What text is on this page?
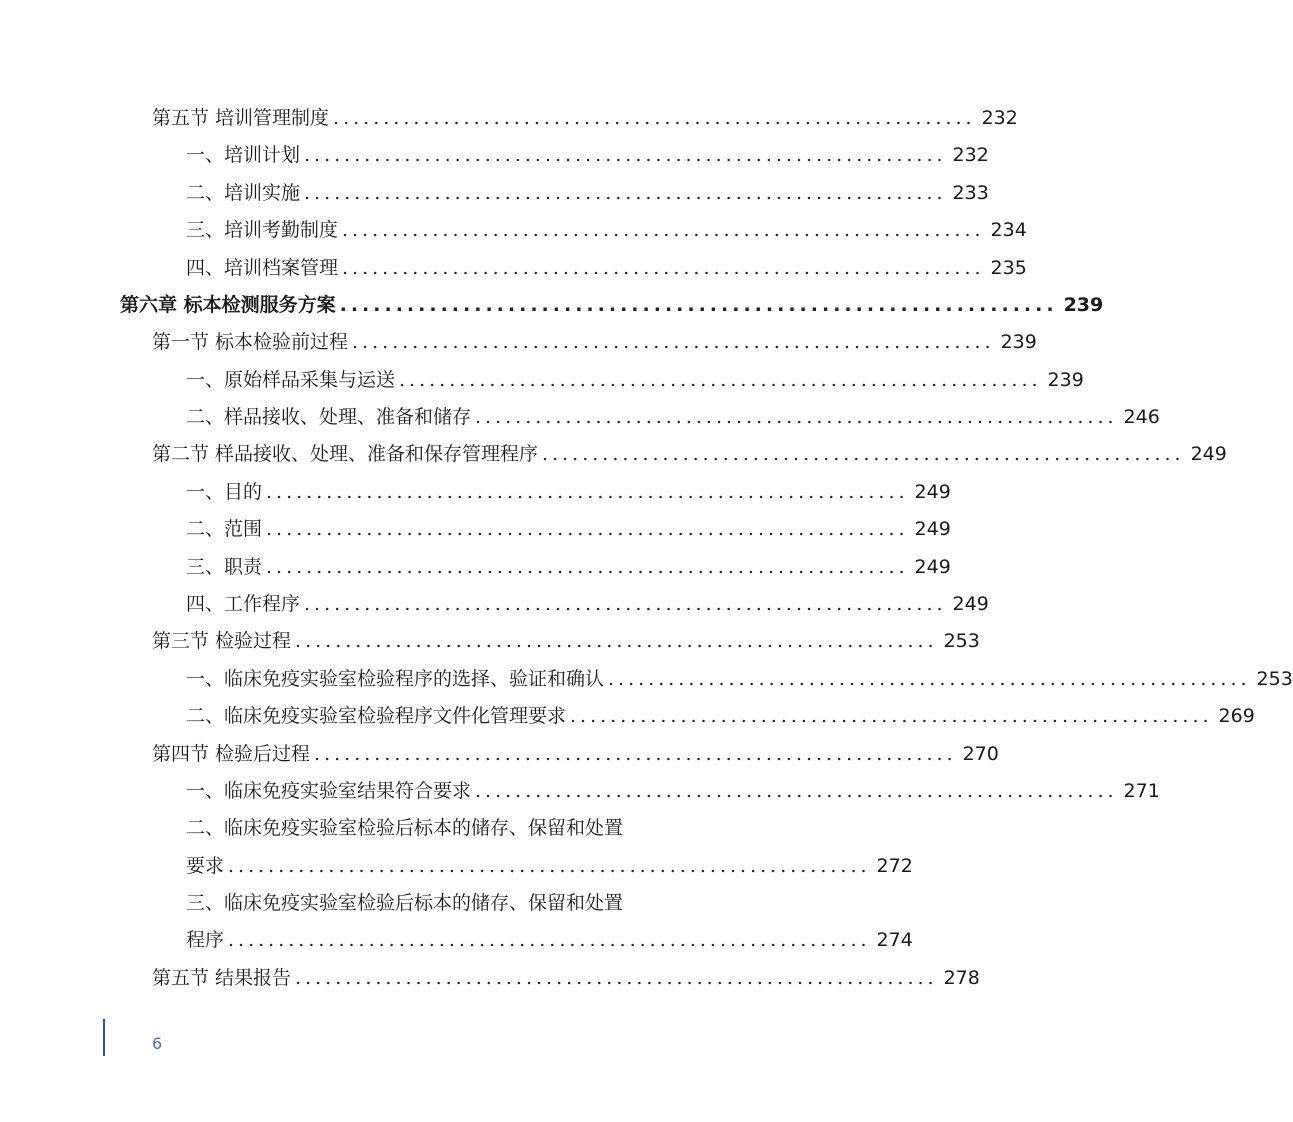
第五节 培训管理制度 ................................................................ 232
一、培训计划 ................................................................ 232
二、培训实施 ................................................................ 233
三、培训考勤制度 ................................................................ 234
四、培训档案管理 ................................................................ 235
第六章 标本检测服务方案 ................................................................ 239
第一节 标本检验前过程 ................................................................ 239
一、原始样品采集与运送 ................................................................ 239
二、样品接收、处理、准备和储存 ................................................................ 246
第二节 样品接收、处理、准备和保存管理程序 ................................................................ 249
一、目的 ................................................................ 249
二、范围 ................................................................ 249
三、职责 ................................................................ 249
四、工作程序 ................................................................ 249
第三节 检验过程 ................................................................ 253
一、临床免疫实验室检验程序的选择、验证和确认 ................................................................ 253
二、临床免疫实验室检验程序文件化管理要求 ................................................................ 269
第四节 检验后过程 ................................................................ 270
一、临床免疫实验室结果符合要求 ................................................................ 271
二、临床免疫实验室检验后标本的储存、保留和处置
要求 ................................................................ 272
三、临床免疫实验室检验后标本的储存、保留和处置
程序 ................................................................ 274
第五节 结果报告 ................................................................ 278
6
